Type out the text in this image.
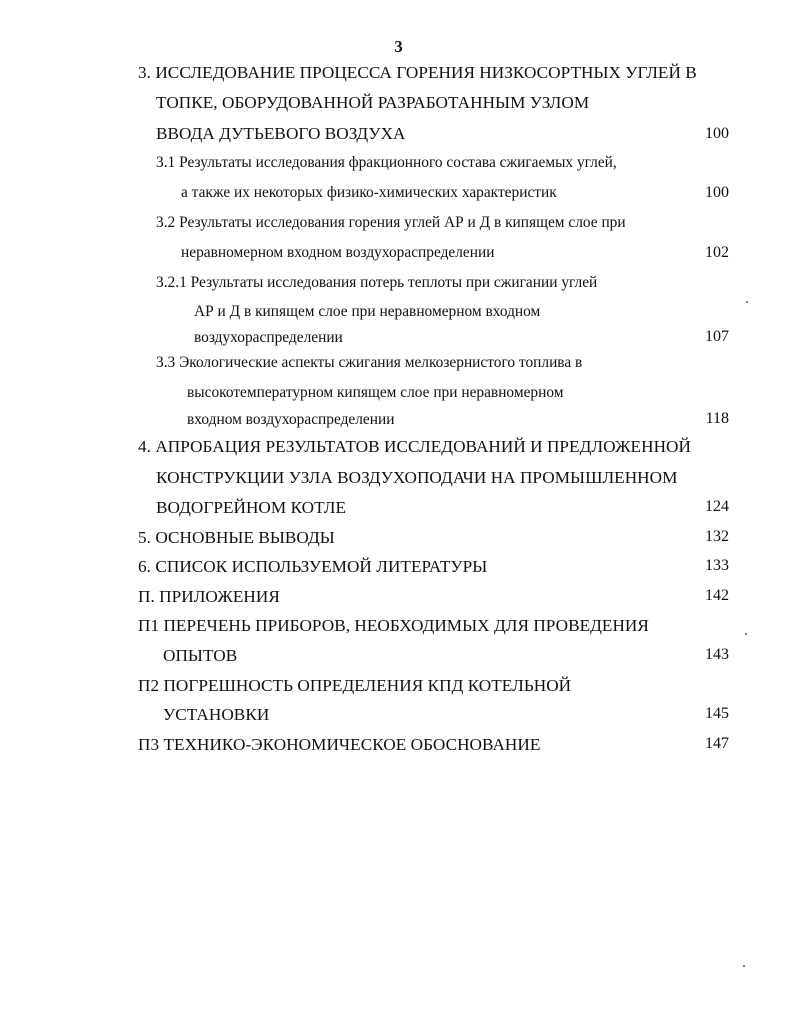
3
3. ИССЛЕДОВАНИЕ ПРОЦЕССА ГОРЕНИЯ НИЗКОСОРТНЫХ УГЛЕЙ В
ТОПКЕ, ОБОРУДОВАННОЙ РАЗРАБОТАННЫМ УЗЛОМ
ВВОДА ДУТЬЕВОГО ВОЗДУХА	100
3.1 Результаты исследования фракционного состава сжигаемых углей,
а также их некоторых физико-химических характеристик	100
3.2 Результаты исследования горения углей АР и Д в кипящем слое при
неравномерном входном воздухораспределении	102
3.2.1 Результаты исследования потерь теплоты при сжигании углей
АР и Д в кипящем слое при неравномерном входном
воздухораспределении	107
3.3 Экологические аспекты сжигания мелкозернистого топлива в
высокотемпературном кипящем слое при неравномерном
входном воздухораспределении	118
4. АПРОБАЦИЯ РЕЗУЛЬТАТОВ ИССЛЕДОВАНИЙ И ПРЕДЛОЖЕННОЙ
КОНСТРУКЦИИ УЗЛА ВОЗДУХОПОДАЧИ НА ПРОМЫШЛЕННОМ
ВОДОГРЕЙНОМ КОТЛЕ	124
5. ОСНОВНЫЕ ВЫВОДЫ	132
6. СПИСОК ИСПОЛЬЗУЕМОЙ ЛИТЕРАТУРЫ	133
П. ПРИЛОЖЕНИЯ	142
П1 ПЕРЕЧЕНЬ ПРИБОРОВ, НЕОБХОДИМЫХ ДЛЯ ПРОВЕДЕНИЯ
ОПЫТОВ	143
П2 ПОГРЕШНОСТЬ ОПРЕДЕЛЕНИЯ КПД КОТЕЛЬНОЙ
УСТАНОВКИ	145
П3 ТЕХНИКО-ЭКОНОМИЧЕСКОЕ ОБОСНОВАНИЕ	147
